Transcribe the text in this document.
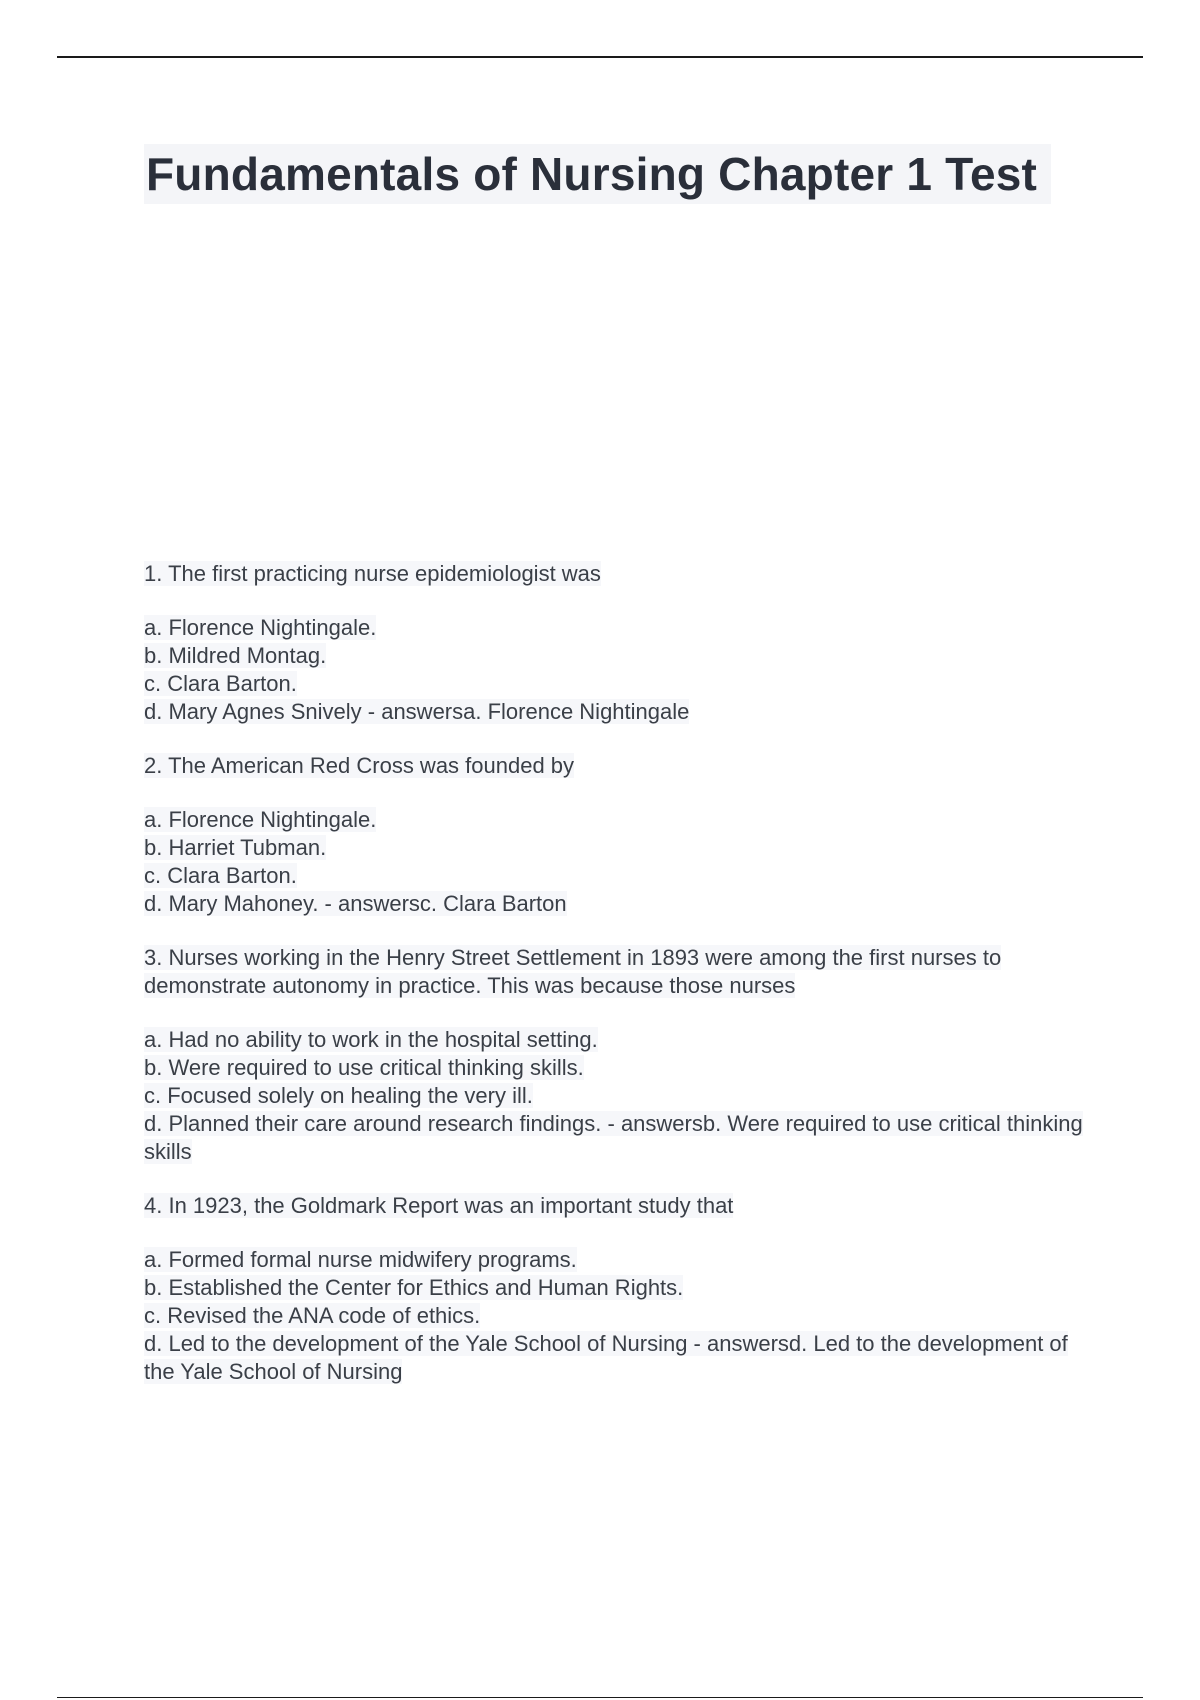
Fundamentals of Nursing Chapter 1 Test
1. The first practicing nurse epidemiologist was
a. Florence Nightingale.
b. Mildred Montag.
c. Clara Barton.
d. Mary Agnes Snively - answersa. Florence Nightingale
2. The American Red Cross was founded by
a. Florence Nightingale.
b. Harriet Tubman.
c. Clara Barton.
d. Mary Mahoney. - answersc. Clara Barton
3. Nurses working in the Henry Street Settlement in 1893 were among the first nurses to demonstrate autonomy in practice. This was because those nurses
a. Had no ability to work in the hospital setting.
b. Were required to use critical thinking skills.
c. Focused solely on healing the very ill.
d. Planned their care around research findings. - answersb. Were required to use critical thinking skills
4. In 1923, the Goldmark Report was an important study that
a. Formed formal nurse midwifery programs.
b. Established the Center for Ethics and Human Rights.
c. Revised the ANA code of ethics.
d. Led to the development of the Yale School of Nursing - answersd. Led to the development of the Yale School of Nursing
